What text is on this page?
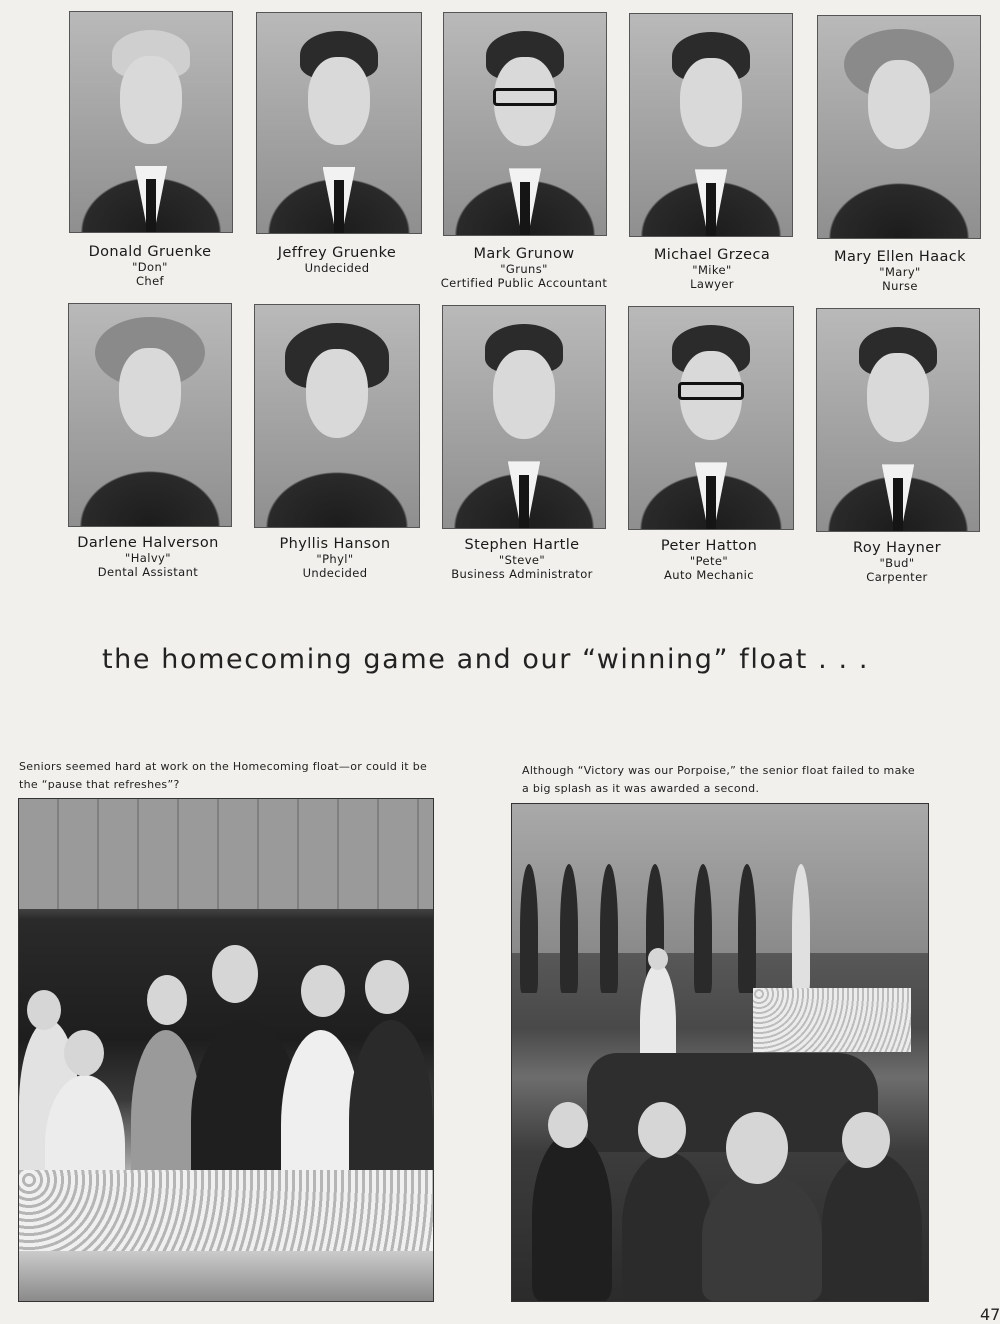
Donald Gruenke
"Don"
Chef
Jeffrey Gruenke
Undecided
Mark Grunow
"Gruns"
Certified Public Accountant
Michael Grzeca
"Mike"
Lawyer
Mary Ellen Haack
"Mary"
Nurse
Darlene Halverson
"Halvy"
Dental Assistant
Phyllis Hanson
"Phyl"
Undecided
Stephen Hartle
"Steve"
Business Administrator
Peter Hatton
"Pete"
Auto Mechanic
Roy Hayner
"Bud"
Carpenter
the homecoming game and our “winning” float . . .
Seniors seemed hard at work on the Homecoming float—or could it be
the “pause that refreshes”?
Although “Victory was our Porpoise,” the senior float failed to make
a big splash as it was awarded a second.
47
